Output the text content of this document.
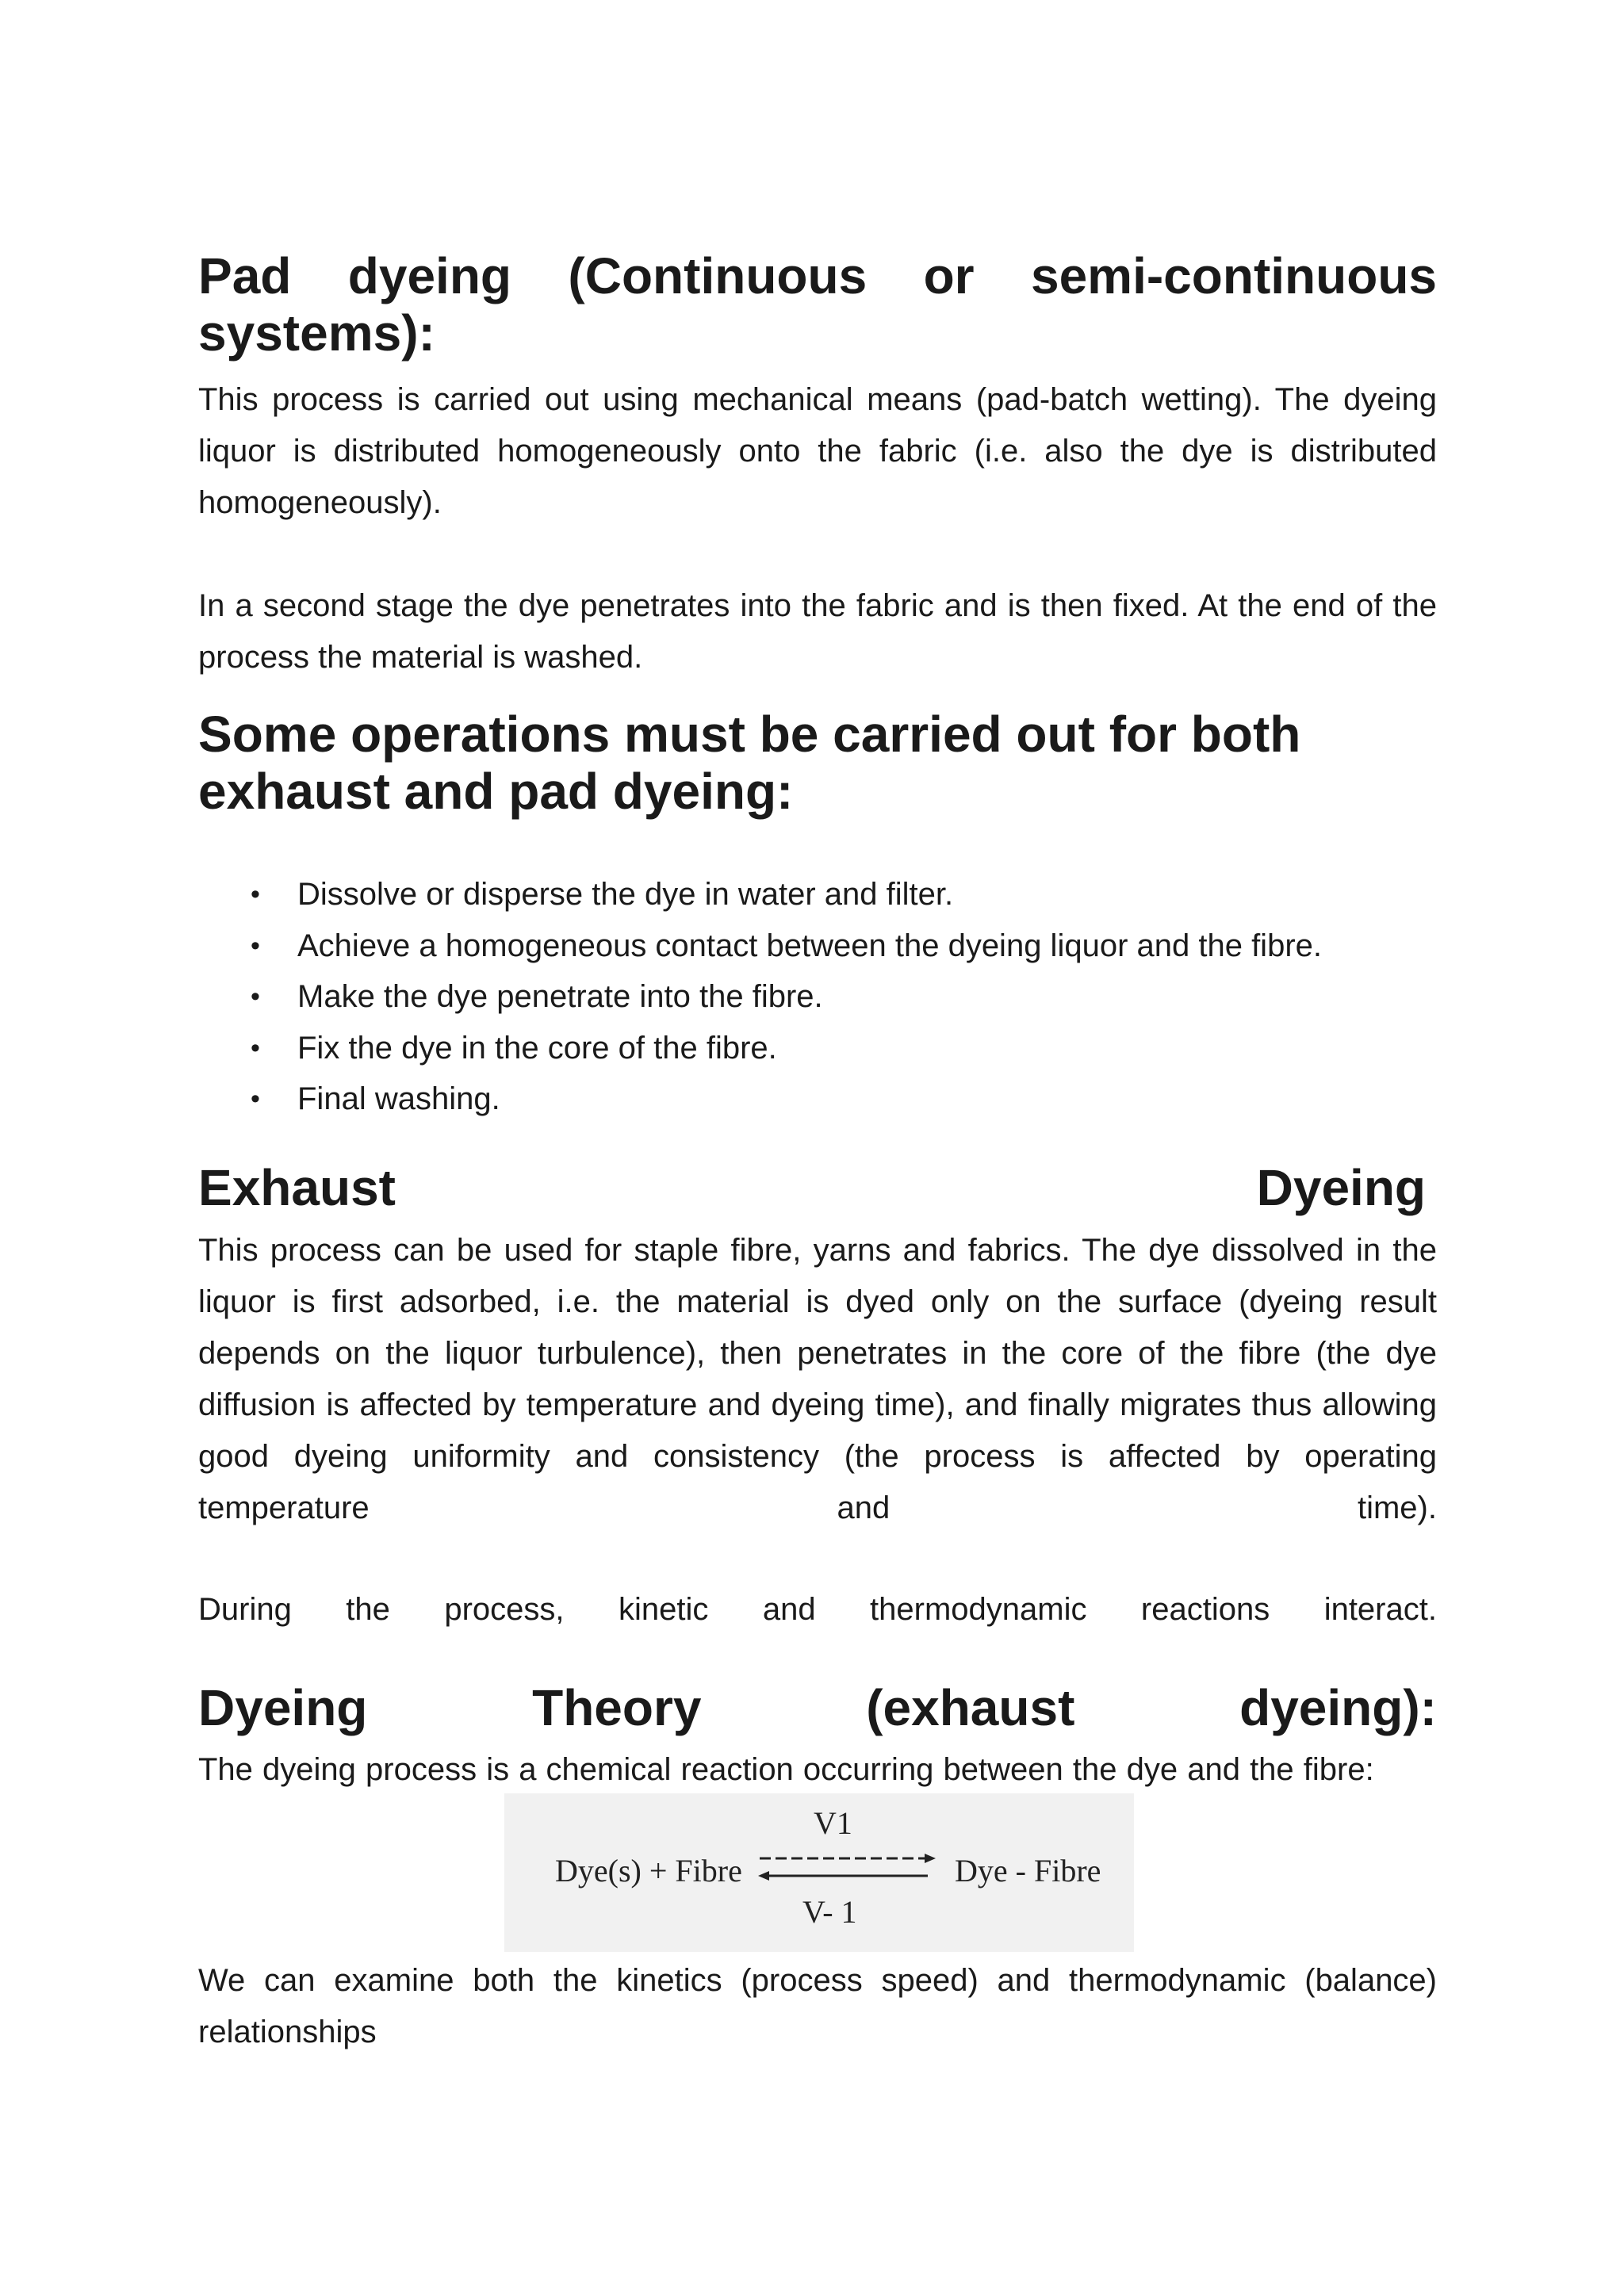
Pad dyeing (Continuous or semi-continuous
systems):

This process is carried out using mechanical means (pad-batch wetting). The dyeing liquor is distributed homogeneously onto the fabric (i.e. also the dye is distributed homogeneously).

In a second stage the dye penetrates into the fabric and is then fixed. At the end of the process the material is washed.

Some operations must be carried out for both
exhaust and pad dyeing:
• Dissolve or disperse the dye in water and filter.
• Achieve a homogeneous contact between the dyeing liquor and the fibre.
• Make the dye penetrate into the fibre.
• Fix the dye in the core of the fibre.
• Final washing.
Exhaust	Dyeing

This process can be used for staple fibre, yarns and fabrics. The dye dissolved in the liquor is first adsorbed, i.e. the material is dyed only on the surface (dyeing result depends on the liquor turbulence), then penetrates in the core of the fibre (the dye diffusion is affected by temperature and dyeing time), and finally migrates thus allowing good dyeing uniformity and consistency (the process is affected by operating temperature and time).

During the process, kinetic and thermodynamic reactions interact.
Dyeing	Theory	(exhaust	dyeing):

The dyeing process is a chemical reaction occurring between the dye and the fibre:

Dye(s) + Fibre
V1
V- 1
Dye - Fibre

We can examine both the kinetics (process speed) and thermodynamic (balance) relationships
